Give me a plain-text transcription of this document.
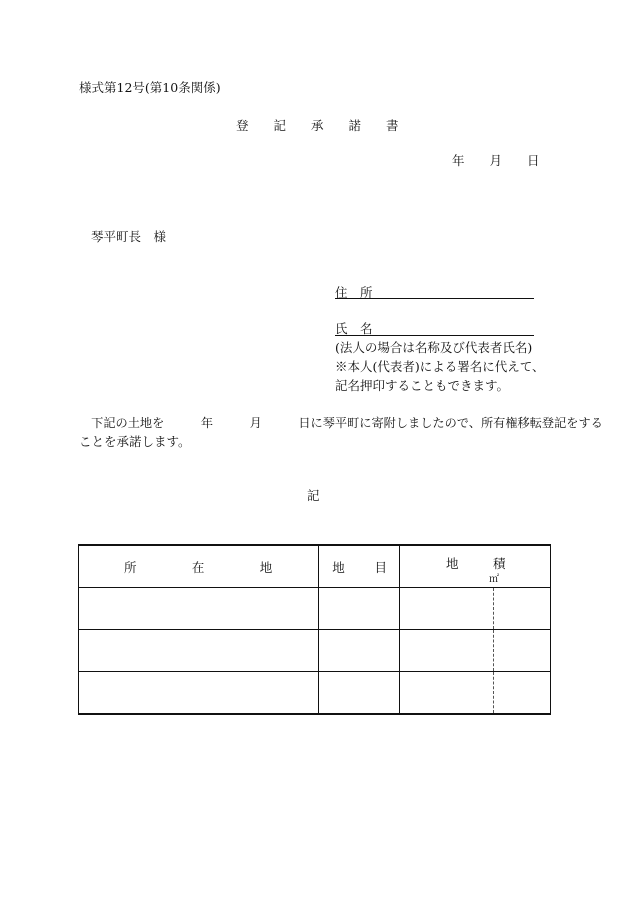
様式第12号(第10条関係)
登　　記　　承　　諾　　書
年　　月　　日
琴平町長　様
住　所
氏　名
(法人の場合は名称及び代表者氏名)
※本人(代表者)による署名に代えて、
記名押印することもできます。
　下記の土地を　　　年　　　月　　　日に琴平町に寄附しましたので、所有権移転登記をする
ことを承諾します。
記
所 在 地	地 目	地 積
㎡
